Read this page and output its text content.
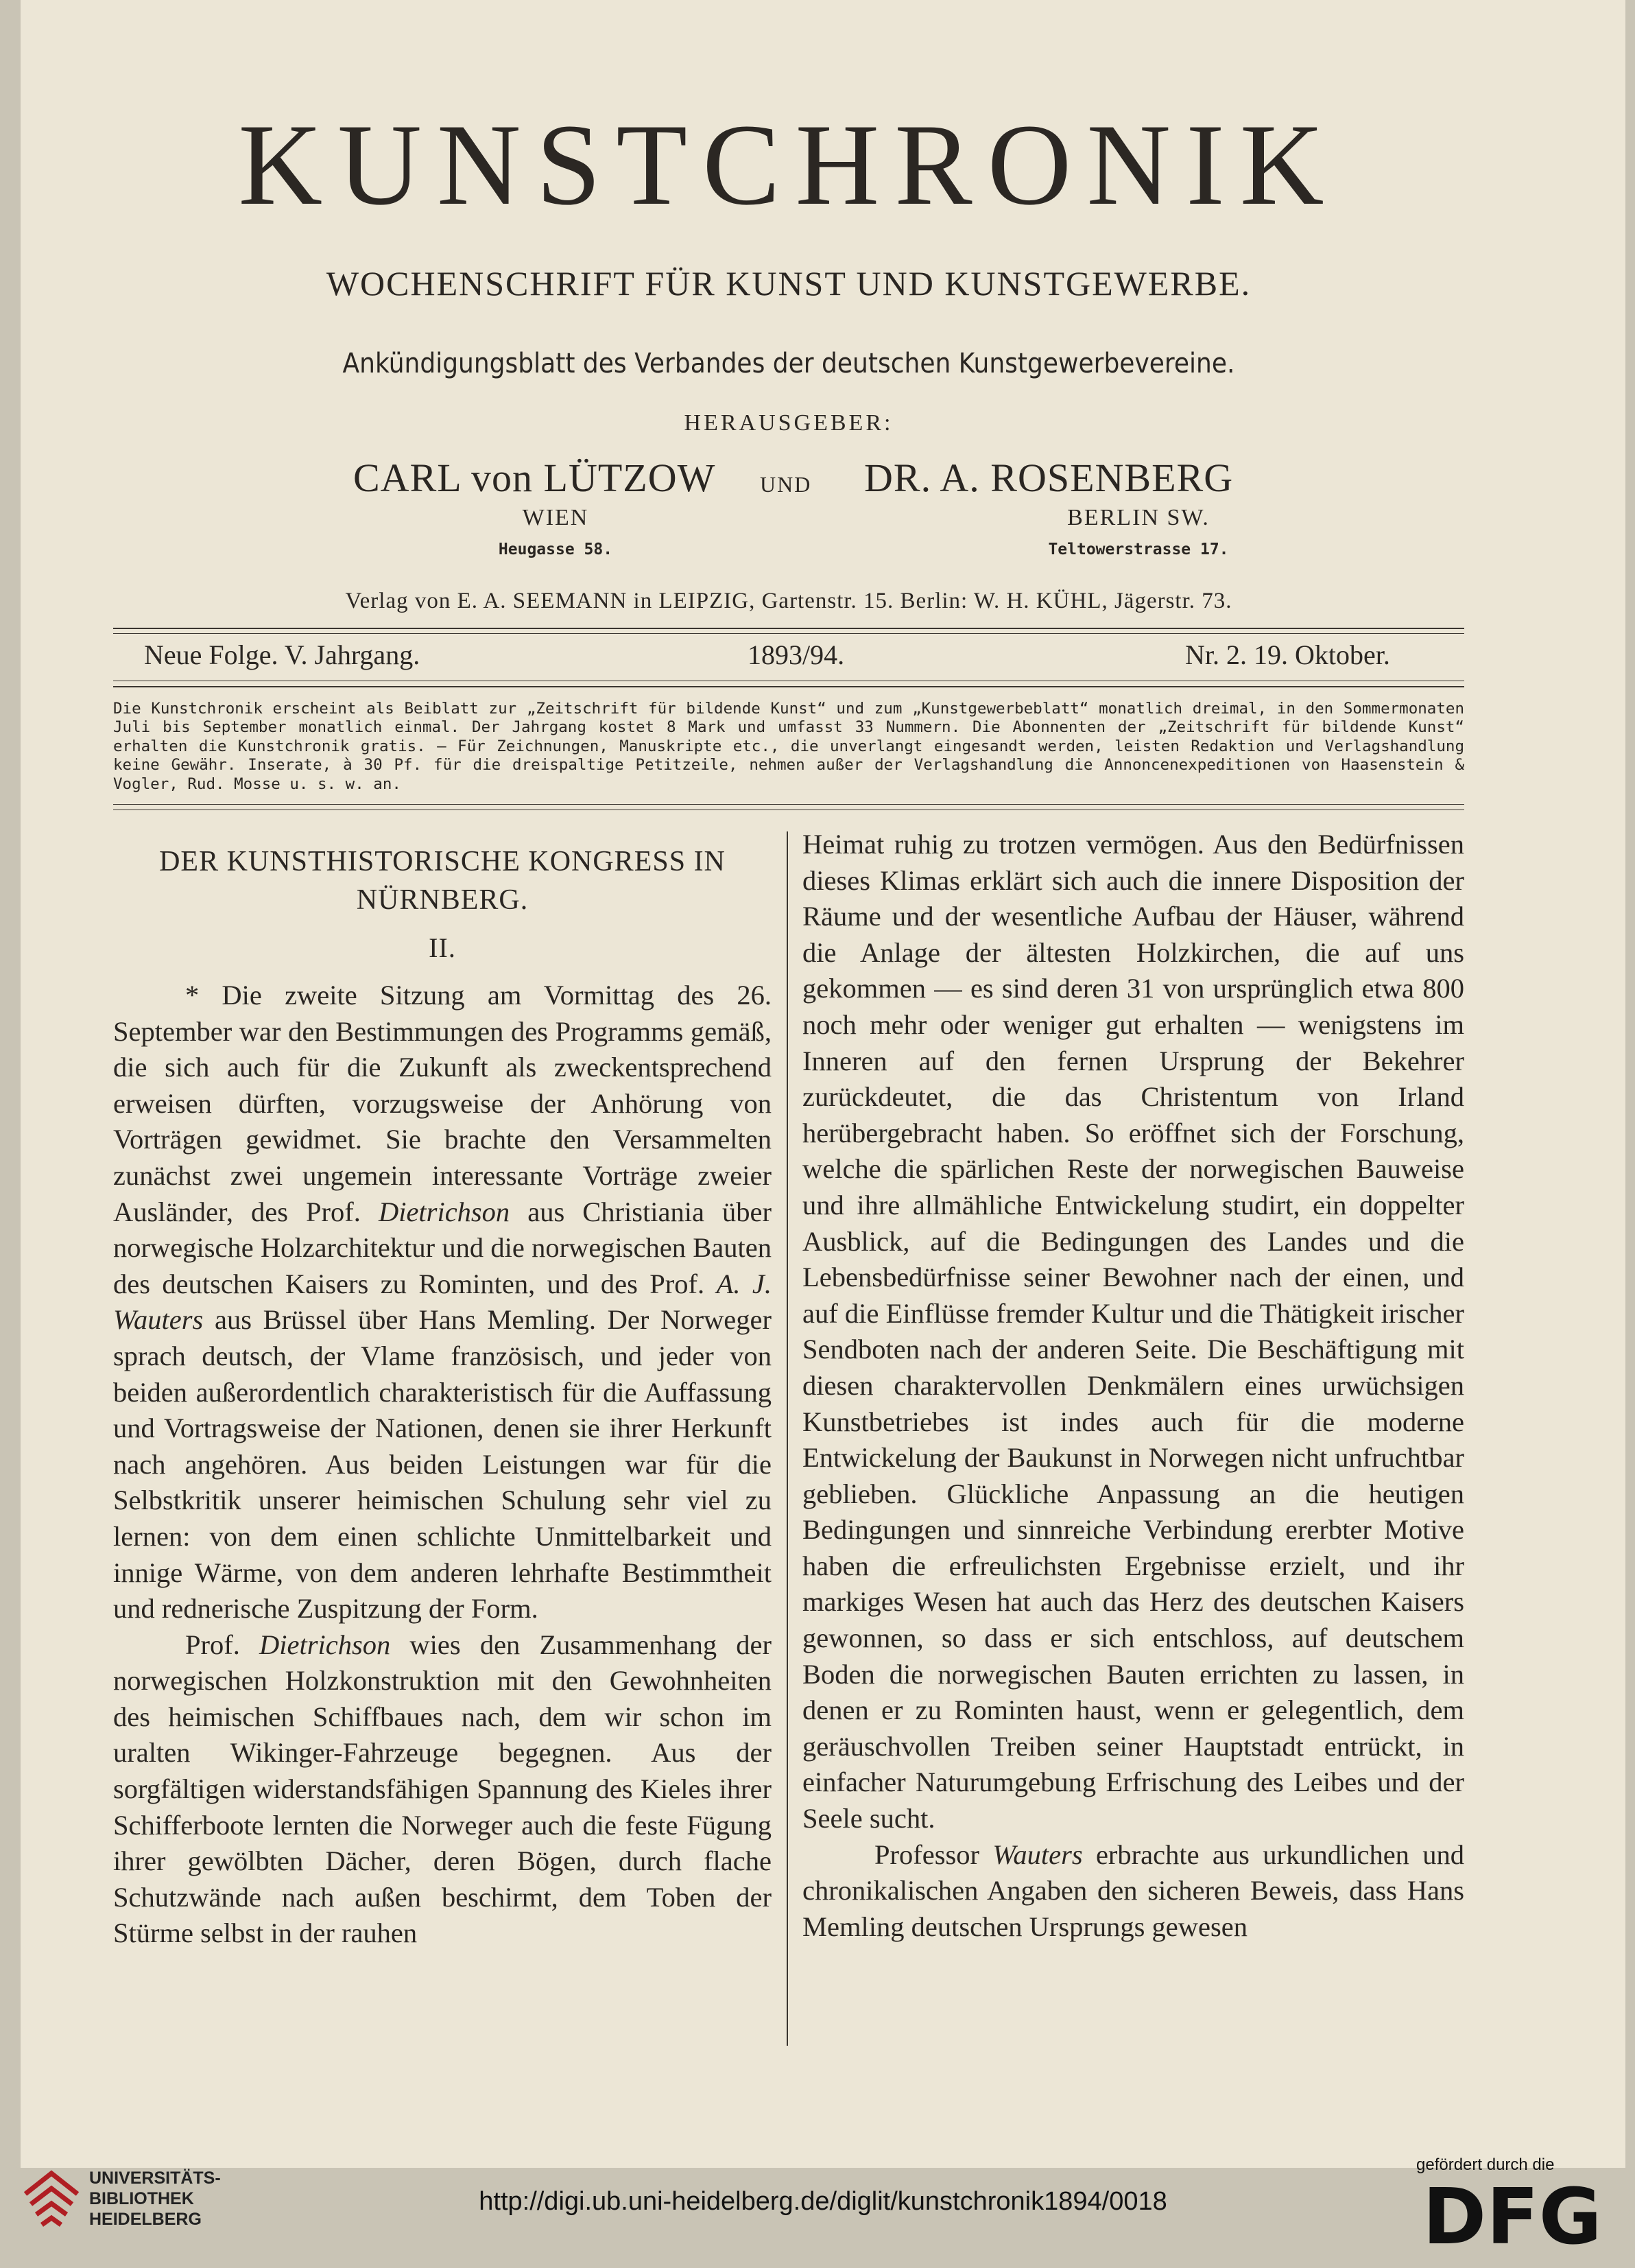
KUNSTCHRONIK
WOCHENSCHRIFT FÜR KUNST UND KUNSTGEWERBE.
Ankündigungsblatt des Verbandes der deutschen Kunstgewerbevereine.
HERAUSGEBER:
CARL von LÜTZOW UND DR. A. ROSENBERG
WIEN	BERLIN SW.
Heugasse 58.	Teltowerstrasse 17.
Verlag von E. A. SEEMANN in LEIPZIG, Gartenstr. 15. Berlin: W. H. KÜHL, Jägerstr. 73.
Neue Folge. V. Jahrgang.	1893/94.	Nr. 2. 19. Oktober.

Die Kunstchronik erscheint als Beiblatt zur „Zeitschrift für bildende Kunst“ und zum „Kunstgewerbeblatt“ monatlich dreimal, in den Sommermonaten Juli bis September monatlich einmal. Der Jahrgang kostet 8 Mark und umfasst 33 Nummern. Die Abonnenten der „Zeitschrift für bildende Kunst“ erhalten die Kunstchronik gratis. — Für Zeichnungen, Manuskripte etc., die unverlangt eingesandt werden, leisten Redaktion und Verlagshandlung keine Gewähr. Inserate, à 30 Pf. für die dreispaltige Petitzeile, nehmen außer der Verlagshandlung die Annoncenexpeditionen von Haasenstein & Vogler, Rud. Mosse u. s. w. an.

DER KUNSTHISTORISCHE KONGRESS IN NÜRNBERG.
II.

* Die zweite Sitzung am Vormittag des 26. September war den Bestimmungen des Programms gemäß, die sich auch für die Zukunft als zweckentsprechend erweisen dürften, vorzugsweise der Anhörung von Vorträgen gewidmet. Sie brachte den Versammelten zunächst zwei ungemein interessante Vorträge zweier Ausländer, des Prof. Dietrichson aus Christiania über norwegische Holzarchitektur und die norwegischen Bauten des deutschen Kaisers zu Rominten, und des Prof. A. J. Wauters aus Brüssel über Hans Memling. Der Norweger sprach deutsch, der Vlame französisch, und jeder von beiden außerordentlich charakteristisch für die Auffassung und Vortragsweise der Nationen, denen sie ihrer Herkunft nach angehören. Aus beiden Leistungen war für die Selbstkritik unserer heimischen Schulung sehr viel zu lernen: von dem einen schlichte Unmittelbarkeit und innige Wärme, von dem anderen lehrhafte Bestimmtheit und rednerische Zuspitzung der Form.

Prof. Dietrichson wies den Zusammenhang der norwegischen Holzkonstruktion mit den Gewohnheiten des heimischen Schiffbaues nach, dem wir schon im uralten Wikinger-Fahrzeuge begegnen. Aus der sorgfältigen widerstandsfähigen Spannung des Kieles ihrer Schifferboote lernten die Norweger auch die feste Fügung ihrer gewölbten Dächer, deren Bögen, durch flache Schutzwände nach außen beschirmt, dem Toben der Stürme selbst in der rauhen

Heimat ruhig zu trotzen vermögen. Aus den Bedürfnissen dieses Klimas erklärt sich auch die innere Disposition der Räume und der wesentliche Aufbau der Häuser, während die Anlage der ältesten Holzkirchen, die auf uns gekommen — es sind deren 31 von ursprünglich etwa 800 noch mehr oder weniger gut erhalten — wenigstens im Inneren auf den fernen Ursprung der Bekehrer zurückdeutet, die das Christentum von Irland herübergebracht haben. So eröffnet sich der Forschung, welche die spärlichen Reste der norwegischen Bauweise und ihre allmähliche Entwickelung studirt, ein doppelter Ausblick, auf die Bedingungen des Landes und die Lebensbedürfnisse seiner Bewohner nach der einen, und auf die Einflüsse fremder Kultur und die Thätigkeit irischer Sendboten nach der anderen Seite. Die Beschäftigung mit diesen charaktervollen Denkmälern eines urwüchsigen Kunstbetriebes ist indes auch für die moderne Entwickelung der Baukunst in Norwegen nicht unfruchtbar geblieben. Glückliche Anpassung an die heutigen Bedingungen und sinnreiche Verbindung ererbter Motive haben die erfreulichsten Ergebnisse erzielt, und ihr markiges Wesen hat auch das Herz des deutschen Kaisers gewonnen, so dass er sich entschloss, auf deutschem Boden die norwegischen Bauten errichten zu lassen, in denen er zu Rominten haust, wenn er gelegentlich, dem geräuschvollen Treiben seiner Hauptstadt entrückt, in einfacher Naturumgebung Erfrischung des Leibes und der Seele sucht.

Professor Wauters erbrachte aus urkundlichen und chronikalischen Angaben den sicheren Beweis, dass Hans Memling deutschen Ursprungs gewesen

UNIVERSITÄTS-
BIBLIOTHEK
HEIDELBERG
http://digi.ub.uni-heidelberg.de/diglit/kunstchronik1894/0018
gefördert durch die
DFG
